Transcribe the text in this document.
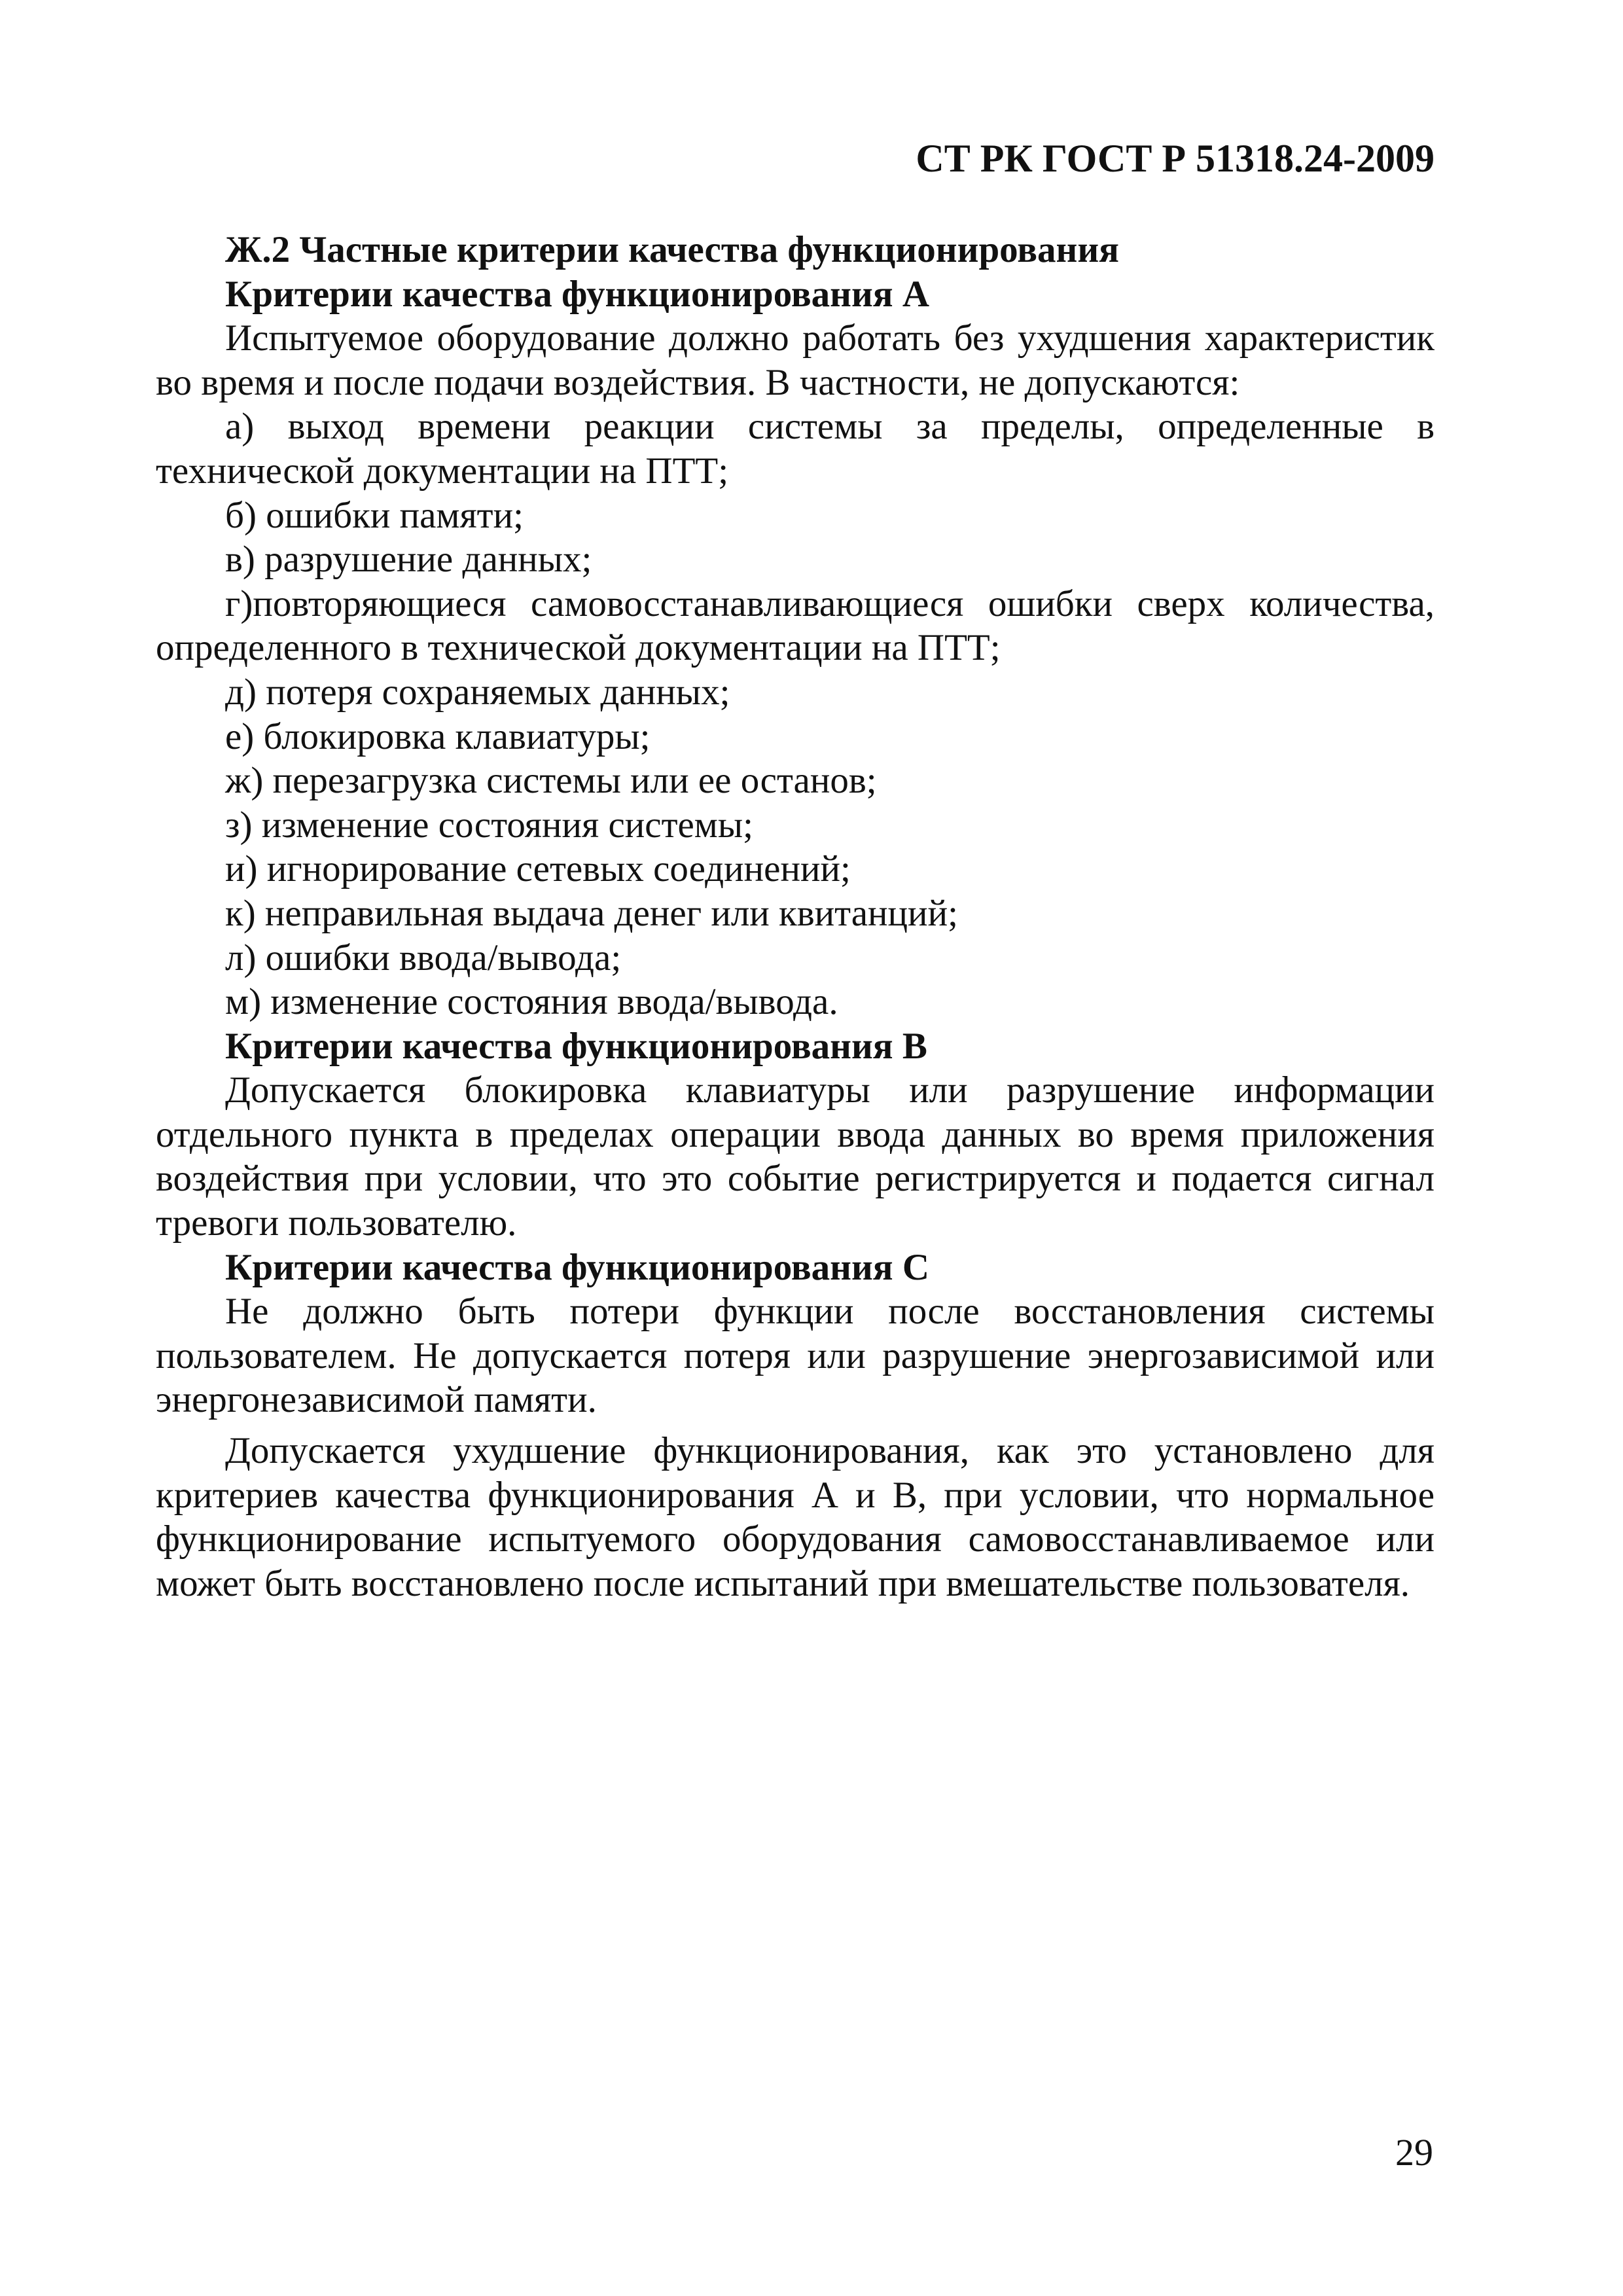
СТ РК ГОСТ Р 51318.24-2009

Ж.2 Частные критерии качества функционирования

Критерии качества функционирования А

Испытуемое оборудование должно работать без ухудшения характеристик во время и после подачи воздействия. В частности, не допускаются:

а) выход времени реакции системы за пределы, определенные в технической документации на ПТТ;

б) ошибки памяти;

в) разрушение данных;

г)повторяющиеся самовосстанавливающиеся ошибки сверх количества, определенного в технической документации на ПТТ;

д) потеря сохраняемых данных;

е) блокировка клавиатуры;

ж) перезагрузка системы или ее останов;

з) изменение состояния системы;

и) игнорирование сетевых соединений;

к) неправильная выдача денег или квитанций;

л) ошибки ввода/вывода;

м) изменение состояния ввода/вывода.

Критерии качества функционирования В

Допускается блокировка клавиатуры или разрушение информации отдельного пункта в пределах операции ввода данных во время приложения воздействия при условии, что это событие регистрируется и подается сигнал тревоги пользователю.

Критерии качества функционирования С

Не должно быть потери функции после восстановления системы пользователем. Не допускается потеря или разрушение энергозависимой или энергонезависимой памяти.

Допускается ухудшение функционирования, как это установлено для критериев качества функционирования А и В, при условии, что нормальное функционирование испытуемого оборудования самовосстанавливаемое или может быть восстановлено после испытаний при вмешательстве пользователя.

29
